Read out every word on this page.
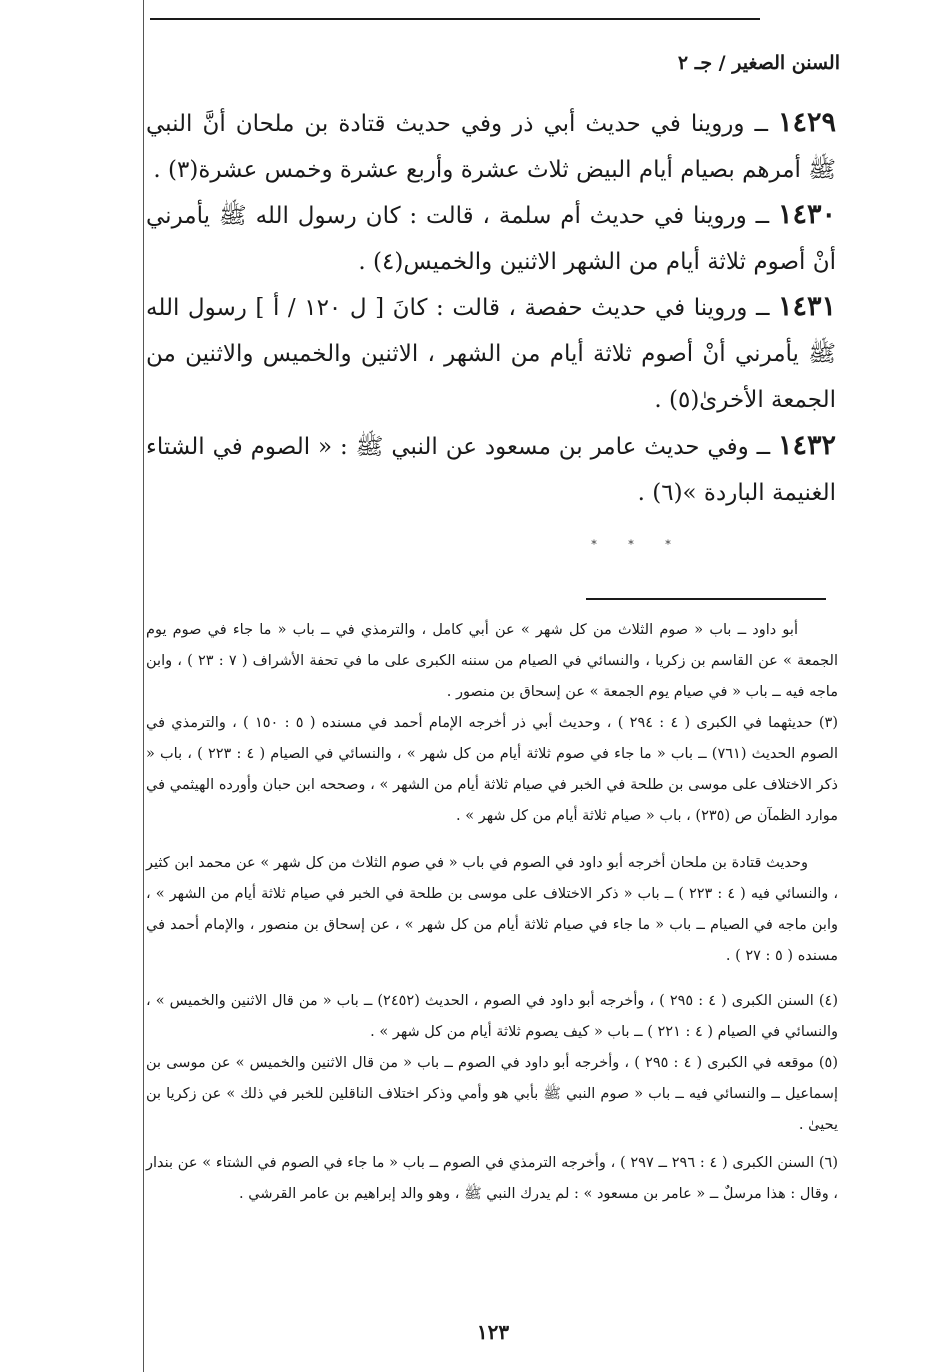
السنن الصغير / جـ ٢

١٤٢٩ ــ وروينا في حديث أبي ذر وفي حديث قتادة بن ملحان أنَّ النبي ﷺ أمرهم بصيام أيام البيض ثلاث عشرة وأربع عشرة وخمس عشرة(٣) .

١٤٣٠ ــ وروينا في حديث أم سلمة ، قالت : كان رسول الله ﷺ يأمرني أنْ أصوم ثلاثة أيام من الشهر الاثنين والخميس(٤) .

١٤٣١ ــ وروينا في حديث حفصة ، قالت : كانَ [ ل ١٢٠ / أ ] رسول الله ﷺ يأمرني أنْ أصوم ثلاثة أيام من الشهر ، الاثنين والخميس والاثنين من الجمعة الأخرىٰ(٥) .

١٤٣٢ ــ وفي حديث عامر بن مسعود عن النبي ﷺ : « الصوم في الشتاء الغنيمة الباردة »(٦) .

* * *

أبو داود ــ باب « صوم الثلاث من كل شهر » عن أبي كامل ، والترمذي في ــ باب « ما جاء في صوم يوم الجمعة » عن القاسم بن زكريا ، والنسائي في الصيام من سننه الكبرى على ما في تحفة الأشراف ( ٧ : ٢٣ ) ، وابن ماجه فيه ــ باب « في صيام يوم الجمعة » عن إسحاق بن منصور .

(٣) حديثهما في الكبرى ( ٤ : ٢٩٤ ) ، وحديث أبي ذر أخرجه الإمام أحمد في مسنده ( ٥ : ١٥٠ ) ، والترمذي في الصوم الحديث (٧٦١) ــ باب « ما جاء في صوم ثلاثة أيام من كل شهر » ، والنسائي في الصيام ( ٤ : ٢٢٣ ) ، باب « ذكر الاختلاف على موسى بن طلحة في الخبر في صيام ثلاثة أيام من الشهر » ، وصححه ابن حبان وأورده الهيثمي في موارد الظمآن ص (٢٣٥) ، باب « صيام ثلاثة أيام من كل شهر » .

وحديث قتادة بن ملحان أخرجه أبو داود في الصوم في باب « في صوم الثلاث من كل شهر » عن محمد ابن كثير ، والنسائي فيه ( ٤ : ٢٢٣ ) ــ باب « ذكر الاختلاف على موسى بن طلحة في الخبر في صيام ثلاثة أيام من الشهر » ، وابن ماجه في الصيام ــ باب « ما جاء في صيام ثلاثة أيام من كل شهر » ، عن إسحاق بن منصور ، والإمام أحمد في مسنده ( ٥ : ٢٧ ) .

(٤) السنن الكبرى ( ٤ : ٢٩٥ ) ، وأخرجه أبو داود في الصوم ، الحديث (٢٤٥٢) ــ باب « من قال الاثنين والخميس » ، والنسائي في الصيام ( ٤ : ٢٢١ ) ــ باب « كيف يصوم ثلاثة أيام من كل شهر » .

(٥) موقعه في الكبرى ( ٤ : ٢٩٥ ) ، وأخرجه أبو داود في الصوم ــ باب « من قال الاثنين والخميس » عن موسى بن إسماعيل ــ والنسائي فيه ــ باب « صوم النبي ﷺ بأبي هو وأمي وذكر اختلاف الناقلين للخبر في ذلك » عن زكريا بن يحيىٰ .

(٦) السنن الكبرى ( ٤ : ٢٩٦ ــ ٢٩٧ ) ، وأخرجه الترمذي في الصوم ــ باب « ما جاء في الصوم في الشتاء » عن بندار ، وقال : هذا مرسلٌ ــ « عامر بن مسعود » : لم يدرك النبي ﷺ ، وهو والد إبراهيم بن عامر القرشي .

١٢٣
